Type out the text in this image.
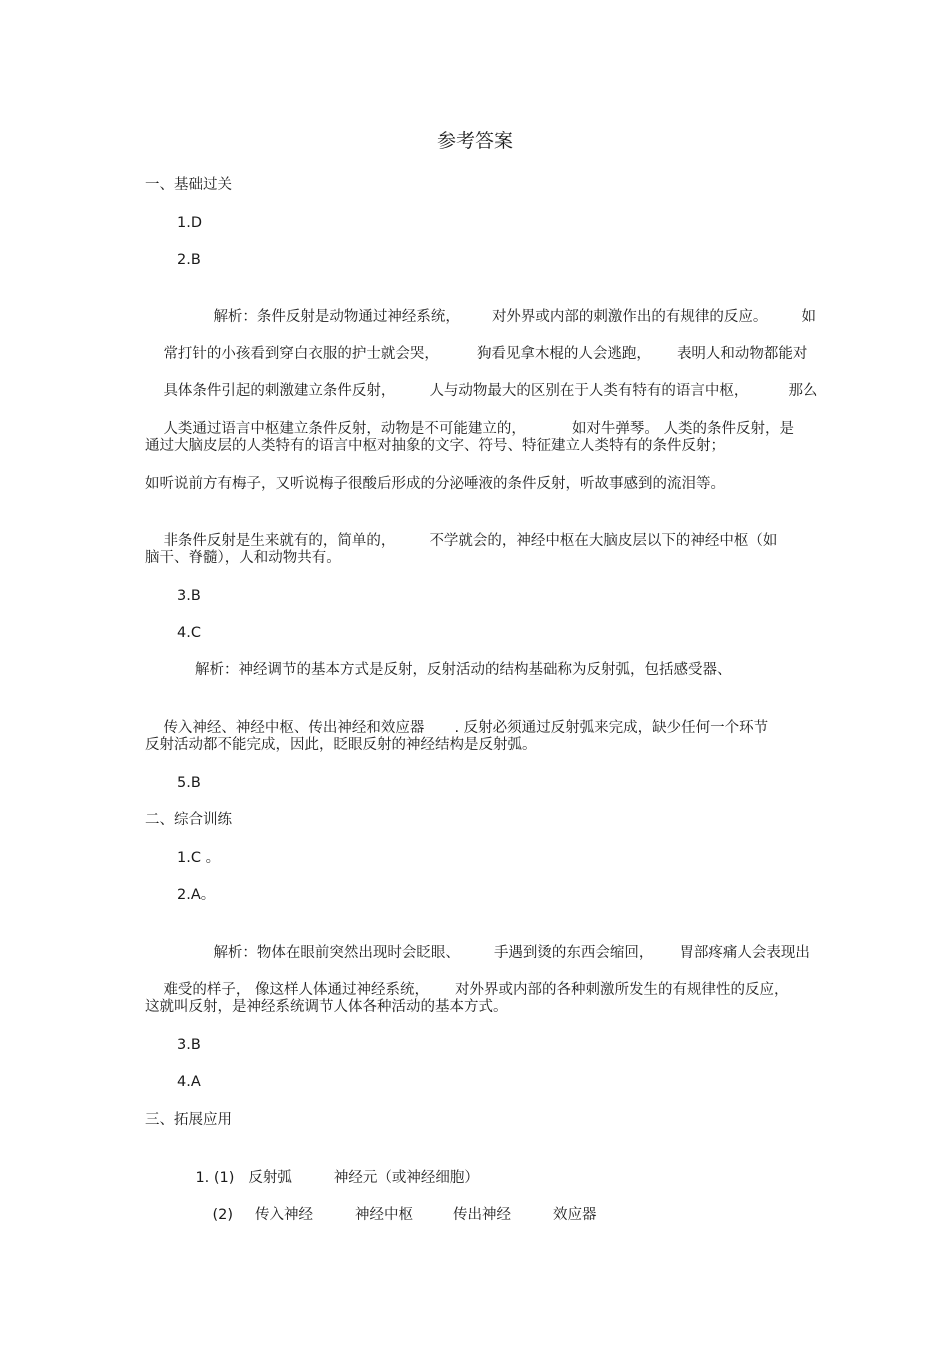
参考答案
一、基础过关
1.D
2.B

解析：条件反射是动物通过神经系统， 对外界或内部的刺激作出的有规律的反应。 如

常打针的小孩看到穿白衣服的护士就会哭，	狗看见拿木棍的人会逃跑， 表明人和动物都能对

具体条件引起的刺激建立条件反射， 人与动物最大的区别在于人类有特有的语言中枢，	那么

人类通过语言中枢建立条件反射，动物是不可能建立的，	如对牛弹琴。 人类的条件反射，是

通过大脑皮层的人类特有的语言中枢对抽象的文字、符号、特征建立人类特有的条件反射；
如听说前方有梅子，又听说梅子很酸后形成的分泌唾液的条件反射，听故事感到的流泪等。

非条件反射是生来就有的，简单的， 不学就会的，神经中枢在大脑皮层以下的神经中枢（如

脑干、脊髓），人和动物共有。
3.B
4.C
解析：神经调节的基本方式是反射，反射活动的结构基础称为反射弧，包括感受器、

传入神经、神经中枢、传出神经和效应器 . 反射必须通过反射弧来完成，缺少任何一个环节

反射活动都不能完成，因此，眨眼反射的神经结构是反射弧。
5.B
二、综合训练
1.C 。
2.A。

解析：物体在眼前突然出现时会眨眼、 手遇到烫的东西会缩回， 胃部疼痛人会表现出

难受的样子， 像这样人体通过神经系统， 对外界或内部的各种刺激所发生的有规律性的反应，

这就叫反射，是神经系统调节人体各种活动的基本方式。
3.B
4.A
三、拓展应用

1. (1) 反射弧	神经元（或神经细胞）

(2) 传入神经	神经中枢	传出神经	效应器
